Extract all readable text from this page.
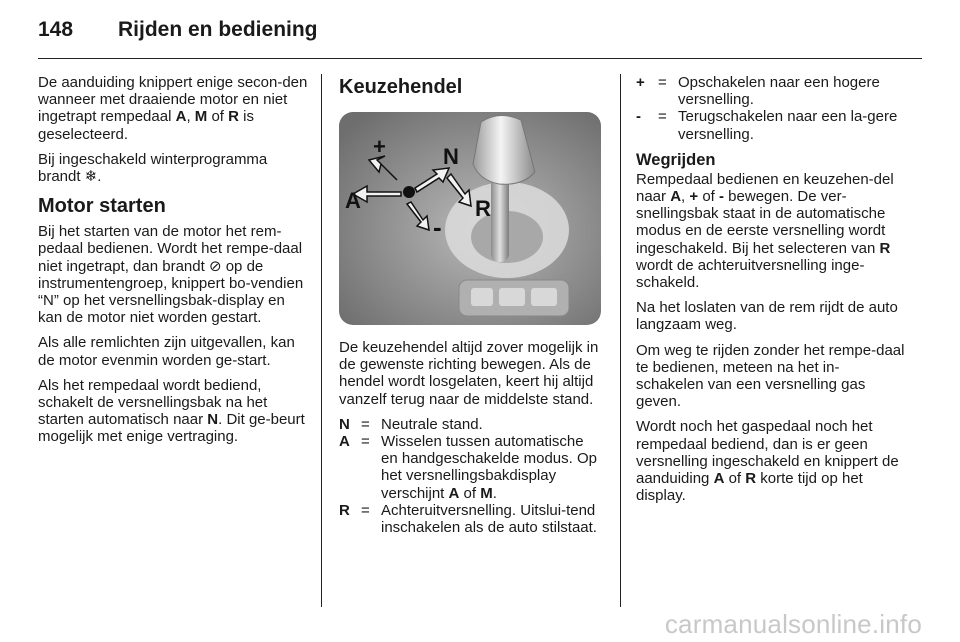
148 Rijden en bediening

De aanduiding knippert enige secon-den wanneer met draaiende motor en niet ingetrapt rempedaal A, M of R is geselecteerd.

Bij ingeschakeld winterprogramma brandt ❄.

Motor starten

Bij het starten van de motor het rem-pedaal bedienen. Wordt het rempe-daal niet ingetrapt, dan brandt ⊘ op de instrumentengroep, knippert bo-vendien “N” op het versnellingsbak-display en kan de motor niet worden gestart.

Als alle remlichten zijn uitgevallen, kan de motor evenmin worden ge-start.

Als het rempedaal wordt bediend, schakelt de versnellingsbak na het starten automatisch naar N. Dit ge-beurt mogelijk met enige vertraging.

Keuzehendel
+
A
N
-
R

De keuzehendel altijd zover mogelijk in de gewenste richting bewegen. Als de hendel wordt losgelaten, keert hij altijd vanzelf terug naar de middelste stand.

N = Neutrale stand.
A = Wisselen tussen automatische en handgeschakelde modus. Op het versnellingsbakdisplay verschijnt A of M.
R = Achteruitversnelling. Uitslui-tend inschakelen als de auto stilstaat.
+ = Opschakelen naar een hogere versnelling.
-	= Terugschakelen naar een la-gere versnelling.
Wegrijden

Rempedaal bedienen en keuzehen-del naar A, + of - bewegen. De ver-snellingsbak staat in de automatische modus en de eerste versnelling wordt ingeschakeld. Bij het selecteren van R wordt de achteruitversnelling inge-schakeld.

Na het loslaten van de rem rijdt de auto langzaam weg.

Om weg te rijden zonder het rempe-daal te bedienen, meteen na het in-schakelen van een versnelling gas geven.

Wordt noch het gaspedaal noch het rempedaal bediend, dan is er geen versnelling ingeschakeld en knippert de aanduiding A of R korte tijd op het display.

carmanualsonline.info
